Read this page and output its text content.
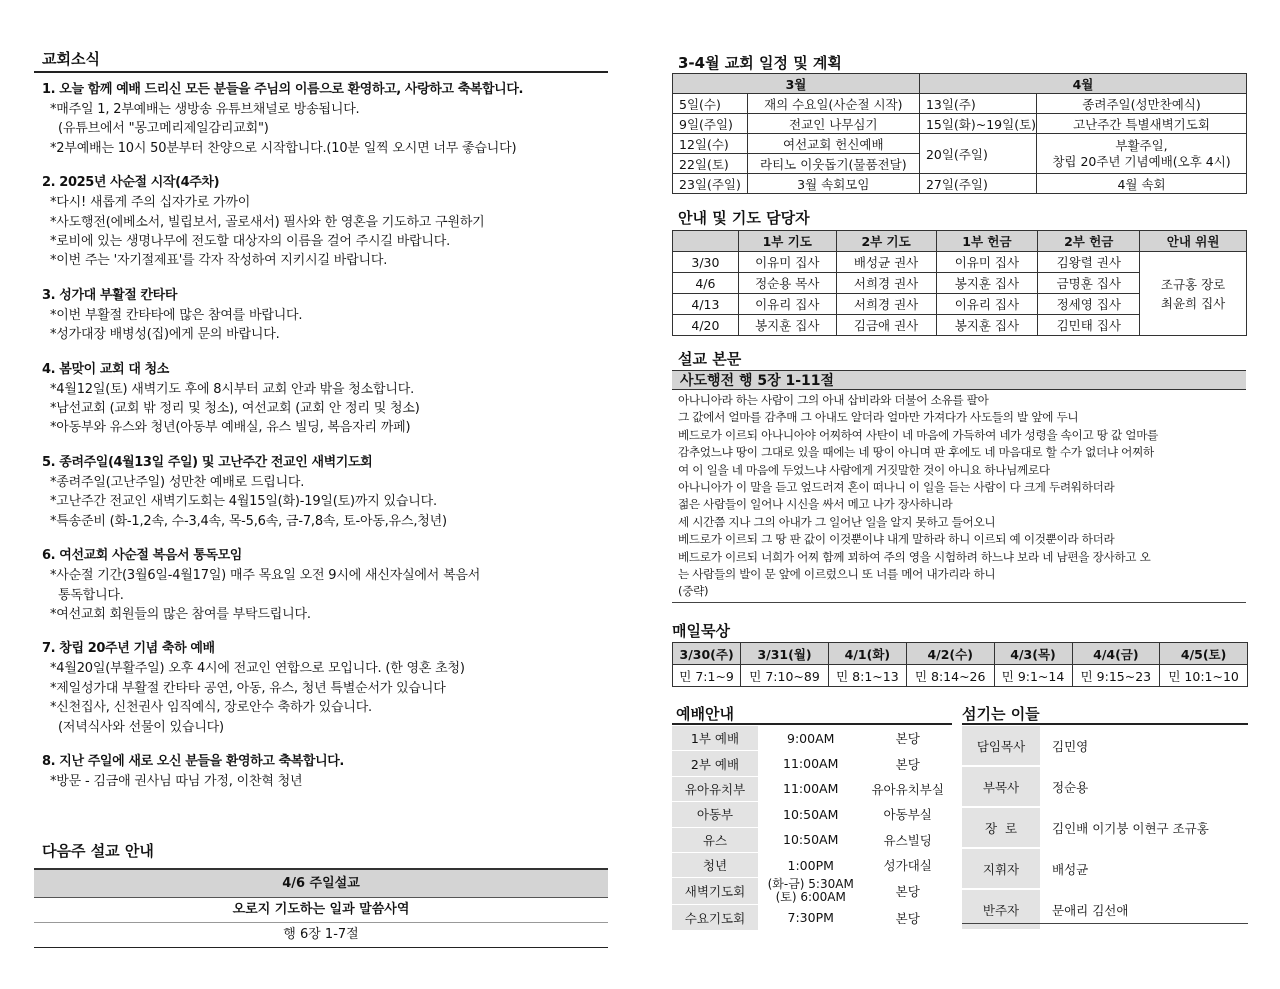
교회소식
1. 오늘 함께 예배 드리신 모든 분들을 주님의 이름으로 환영하고, 사랑하고 축복합니다.
*매주일 1, 2부예배는 생방송 유튜브채널로 방송됩니다.
(유튜브에서 "몽고메리제일감리교회")
*2부예배는 10시 50분부터 찬양으로 시작합니다.(10분 일찍 오시면 너무 좋습니다)
2. 2025년 사순절 시작(4주차)
*다시! 새롭게 주의 십자가로 가까이
*사도행전(에베소서, 빌립보서, 골로새서) 필사와 한 영혼을 기도하고 구원하기
*로비에 있는 생명나무에 전도할 대상자의 이름을 걸어 주시길 바랍니다.
*이번 주는 '자기절제표'를 각자 작성하여 지키시길 바랍니다.
3. 성가대 부활절 칸타타
*이번 부활절 칸타타에 많은 참여를 바랍니다.
*성가대장 배병성(집)에게 문의 바랍니다.
4. 봄맞이 교회 대 청소
*4월12일(토) 새벽기도 후에 8시부터 교회 안과 밖을 청소합니다.
*남선교회 (교회 밖 정리 및 청소), 여선교회 (교회 안 정리 및 청소)
*아동부와 유스와 청년(아동부 예배실, 유스 빌딩, 복음자리 까페)
5. 종려주일(4월13일 주일) 및 고난주간 전교인 새벽기도회
*종려주일(고난주일) 성만찬 예배로 드립니다.
*고난주간 전교인 새벽기도회는 4월15일(화)-19일(토)까지 있습니다.
*특송준비 (화-1,2속, 수-3,4속, 목-5,6속, 금-7,8속, 토-아동,유스,청년)
6. 여선교회 사순절 복음서 통독모임
*사순절 기간(3월6일-4월17일) 매주 목요일 오전 9시에 새신자실에서 복음서
통독합니다.
*여선교회 회원들의 많은 참여를 부탁드립니다.
7. 창립 20주년 기념 축하 예배
*4월20일(부활주일) 오후 4시에 전교인 연합으로 모입니다. (한 영혼 초청)
*제일성가대 부활절 칸타타 공연, 아동, 유스, 청년 특별순서가 있습니다
*신천집사, 신천권사 임직예식, 장로안수 축하가 있습니다.
(저녁식사와 선물이 있습니다)
8. 지난 주일에 새로 오신 분들을 환영하고 축복합니다.
*방문 - 김금애 권사님 따님 가정, 이찬혁 청년
다음주 설교 안내
4/6 주일설교
오로지 기도하는 일과 말씀사역
행 6장 1-7절
3-4월 교회 일정 및 계획
3월		4월	
5일(수)	재의 수요일(사순절 시작)	13일(주)	종려주일(성만찬예식)
9일(주일)	전교인 나무심기	15일(화)~19일(토)	고난주간 특별새벽기도회
12일(수)	여선교회 헌신예배	20일(주일)	부활주일,
창립 20주년 기념예배(오후 4시)

22일(토)	라티노 이웃돕기(물품전달)		
23일(주일)	3월 속회모임	27일(주일)	4월 속회
안내 및 기도 담당자
	1부 기도	2부 기도	1부 헌금	2부 헌금	안내 위원
3/30	이유미 집사	배성균 권사	이유미 집사	김왕렬 권사	조규홍 장로
최윤희 집사

4/6	정순용 목사	서희경 권사	봉지훈 집사	금명훈 집사	
4/13	이유리 집사	서희경 권사	이유리 집사	정세영 집사	
4/20	봉지훈 집사	김금애 권사	봉지훈 집사	김민태 집사	
설교 본문
사도행전 행 5장 1-11절
아나니아라 하는 사람이 그의 아내 삽비라와 더불어 소유를 팔아
그 값에서 얼마를 감추매 그 아내도 알더라 얼마만 가져다가 사도들의 발 앞에 두니
베드로가 이르되 아나니아야 어찌하여 사탄이 네 마음에 가득하여 네가 성령을 속이고 땅 값 얼마를
감추었느냐 땅이 그대로 있을 때에는 네 땅이 아니며 판 후에도 네 마음대로 할 수가 없더냐 어찌하
여 이 일을 네 마음에 두었느냐 사람에게 거짓말한 것이 아니요 하나님께로다
아나니아가 이 말을 듣고 엎드러져 혼이 떠나니 이 일을 듣는 사람이 다 크게 두려워하더라
젊은 사람들이 일어나 시신을 싸서 메고 나가 장사하니라
세 시간쯤 지나 그의 아내가 그 일어난 일을 알지 못하고 들어오니
베드로가 이르되 그 땅 판 값이 이것뿐이냐 내게 말하라 하니 이르되 예 이것뿐이라 하더라
베드로가 이르되 너희가 어찌 함께 꾀하여 주의 영을 시험하려 하느냐 보라 네 남편을 장사하고 오
는 사람들의 발이 문 앞에 이르렀으니 또 너를 메어 내가리라 하니
(중략)
매일묵상
3/30(주)	3/31(월)	4/1(화)	4/2(수)	4/3(목)	4/4(금)	4/5(토)
민 7:1~9	민 7:10~89	민 8:1~13	민 8:14~26	민 9:1~14	민 9:15~23	민 10:1~10
예배안내
1부 예배	9:00AM	본당
2부 예배	11:00AM	본당
유아유치부	11:00AM	유아유치부실
아동부	10:50AM	아동부실
유스	10:50AM	유스빌딩
청년	1:00PM	성가대실
새벽기도회	(화-금) 5:30AM
(토) 6:00AM	본당
수요기도회	7:30PM	본당
섬기는 이들
담임목사	김민영
부목사	정순용
장  로	김인배 이기붕 이현구 조규홍
지휘자	배성균
반주자	문애리 김선애
